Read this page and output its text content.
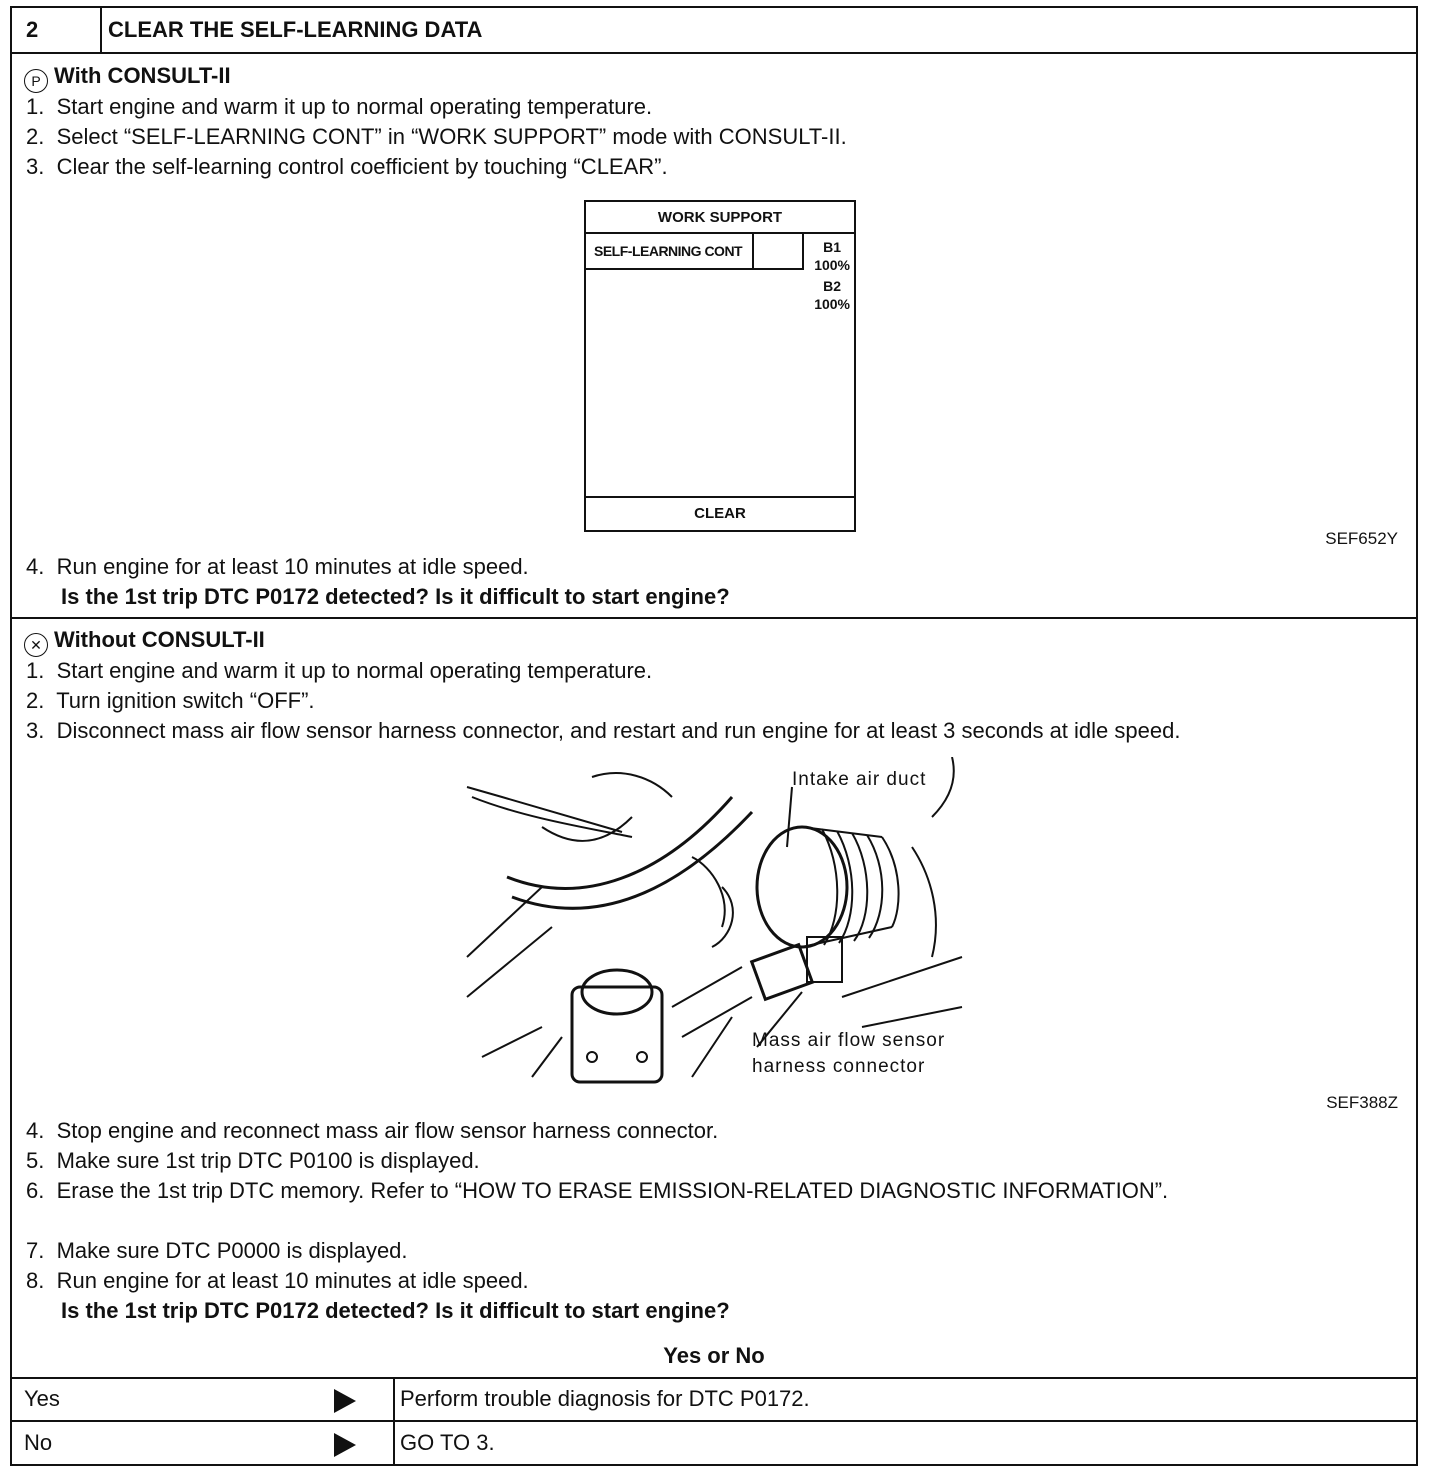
2	CLEAR THE SELF-LEARNING DATA
P With CONSULT-II
1. Start engine and warm it up to normal operating temperature.
2. Select “SELF-LEARNING CONT” in “WORK SUPPORT” mode with CONSULT-II.
3. Clear the self-learning control coefficient by touching “CLEAR”.
WORK SUPPORT
SELF-LEARNING CONT	B1
100%
B2
100%
CLEAR
SEF652Y
4. Run engine for at least 10 minutes at idle speed.
Is the 1st trip DTC P0172 detected? Is it difficult to start engine?
✕ Without CONSULT-II
1. Start engine and warm it up to normal operating temperature.
2. Turn ignition switch “OFF”.
3. Disconnect mass air flow sensor harness connector, and restart and run engine for at least 3 seconds at idle speed.
Intake air duct
Mass air flow sensor
harness connector
SEF388Z
4. Stop engine and reconnect mass air flow sensor harness connector.
5. Make sure 1st trip DTC P0100 is displayed.
6. Erase the 1st trip DTC memory. Refer to “HOW TO ERASE EMISSION-RELATED DIAGNOSTIC INFORMATION”.
7. Make sure DTC P0000 is displayed.
8. Run engine for at least 10 minutes at idle speed.
Is the 1st trip DTC P0172 detected? Is it difficult to start engine?
Yes or No
Yes	Perform trouble diagnosis for DTC P0172.
No	GO TO 3.
